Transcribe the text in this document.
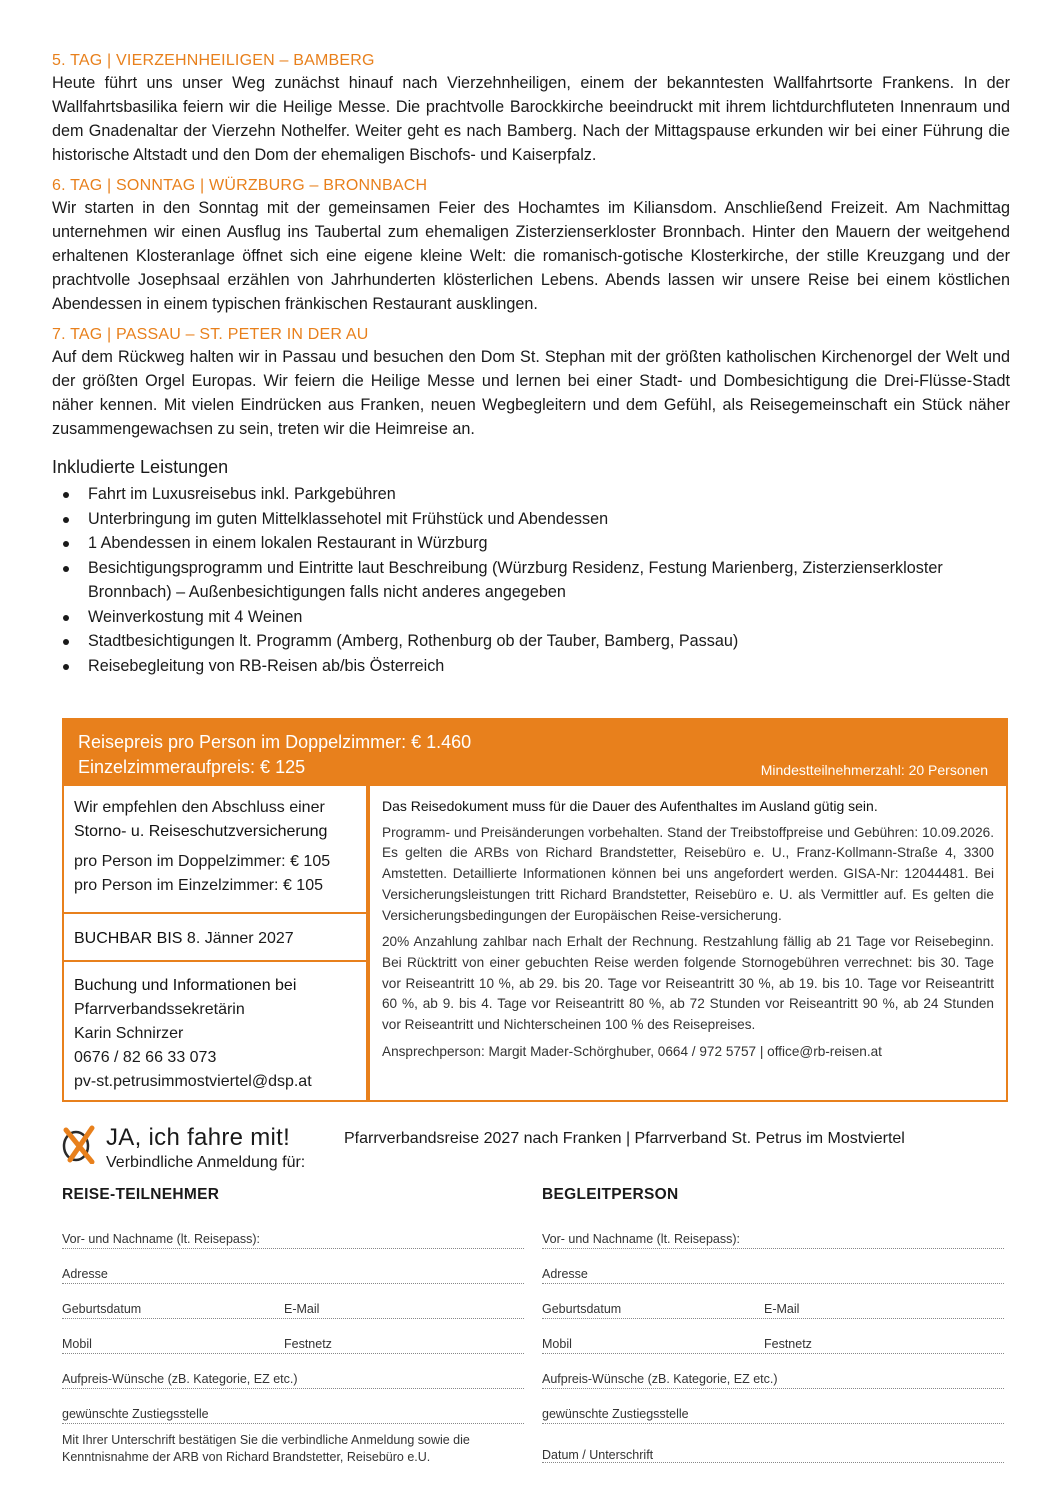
5. TAG | VIERZEHNHEILIGEN – BAMBERG

Heute führt uns unser Weg zunächst hinauf nach Vierzehnheiligen, einem der bekanntesten Wallfahrtsorte Frankens. In der Wallfahrtsbasilika feiern wir die Heilige Messe. Die prachtvolle Barockkirche beeindruckt mit ihrem lichtdurchfluteten Innenraum und dem Gnadenaltar der Vierzehn Nothelfer. Weiter geht es nach Bamberg. Nach der Mittagspause erkunden wir bei einer Führung die historische Altstadt und den Dom der ehemaligen Bischofs- und Kaiserpfalz.

6. TAG | SONNTAG | WÜRZBURG – BRONNBACH

Wir starten in den Sonntag mit der gemeinsamen Feier des Hochamtes im Kiliansdom. Anschließend Freizeit. Am Nachmittag unternehmen wir einen Ausflug ins Taubertal zum ehemaligen Zisterzienserkloster Bronnbach. Hinter den Mauern der weitgehend erhaltenen Klosteranlage öffnet sich eine eigene kleine Welt: die romanisch-gotische Klosterkirche, der stille Kreuzgang und der prachtvolle Josephsaal erzählen von Jahrhunderten klösterlichen Lebens. Abends lassen wir unsere Reise bei einem köstlichen Abendessen in einem typischen fränkischen Restaurant ausklingen.

7. TAG | PASSAU – ST. PETER IN DER AU

Auf dem Rückweg halten wir in Passau und besuchen den Dom St. Stephan mit der größten katholischen Kirchenorgel der Welt und der größten Orgel Europas. Wir feiern die Heilige Messe und lernen bei einer Stadt- und Dombesichtigung die Drei-Flüsse-Stadt näher kennen. Mit vielen Eindrücken aus Franken, neuen Wegbegleitern und dem Gefühl, als Reisegemeinschaft ein Stück näher zusammengewachsen zu sein, treten wir die Heimreise an.

Inkludierte Leistungen
Fahrt im Luxusreisebus inkl. Parkgebühren
Unterbringung im guten Mittelklassehotel mit Frühstück und Abendessen
1 Abendessen in einem lokalen Restaurant in Würzburg
Besichtigungsprogramm und Eintritte laut Beschreibung (Würzburg Residenz, Festung Marienberg, Zisterzienserkloster Bronnbach) – Außenbesichtigungen falls nicht anderes angegeben
Weinverkostung mit 4 Weinen
Stadtbesichtigungen lt. Programm (Amberg, Rothenburg ob der Tauber, Bamberg, Passau)
Reisebegleitung von RB-Reisen ab/bis Österreich
Reisepreis pro Person im Doppelzimmer: € 1.460
Einzelzimmeraufpreis: € 125	Mindestteilnehmerzahl: 20 Personen
Wir empfehlen den Abschluss einer
Storno- u. Reiseschutzversicherung
pro Person im Doppelzimmer: € 105
pro Person im Einzelzimmer: € 105
BUCHBAR BIS 8. Jänner 2027
Buchung und Informationen bei
Pfarrverbandssekretärin
Karin Schnirzer
0676 / 82 66 33 073
pv-st.petrusimmostviertel@dsp.at

Das Reisedokument muss für die Dauer des Aufenthaltes im Ausland gütig sein.

Programm- und Preisänderungen vorbehalten. Stand der Treibstoffpreise und Gebühren: 10.09.2026. Es gelten die ARBs von Richard Brandstetter, Reisebüro e. U., Franz-Kollmann-Straße 4, 3300 Amstetten. Detaillierte Informationen können bei uns angefordert werden. GISA-Nr: 12044481. Bei Versicherungsleistungen tritt Richard Brandstetter, Reisebüro e. U. als Vermittler auf. Es gelten die Versicherungsbedingungen der Europäischen Reise-versicherung.

20% Anzahlung zahlbar nach Erhalt der Rechnung. Restzahlung fällig ab 21 Tage vor Reisebeginn. Bei Rücktritt von einer gebuchten Reise werden folgende Stornogebühren verrechnet: bis 30. Tage vor Reiseantritt 10 %, ab 29. bis 20. Tage vor Reiseantritt 30 %, ab 19. bis 10. Tage vor Reiseantritt 60 %, ab 9. bis 4. Tage vor Reiseantritt 80 %, ab 72 Stunden vor Reiseantritt 90 %, ab 24 Stunden vor Reiseantritt und Nichterscheinen 100 % des Reisepreises.

Ansprechperson: Margit Mader-Schörghuber, 0664 / 972 5757 | office@rb-reisen.at

JA, ich fahre mit!
Verbindliche Anmeldung für:
Pfarrverbandsreise 2027 nach Franken | Pfarrverband St. Petrus im Mostviertel
REISE-TEILNEHMER
Vor- und Nachname (lt. Reisepass):
Adresse
Geburtsdatum	E-Mail
Mobil	Festnetz
Aufpreis-Wünsche (zB. Kategorie, EZ etc.)
gewünschte Zustiegsstelle
BEGLEITPERSON
Vor- und Nachname (lt. Reisepass):
Adresse
Geburtsdatum	E-Mail
Mobil	Festnetz
Aufpreis-Wünsche (zB. Kategorie, EZ etc.)
gewünschte Zustiegsstelle
Mit Ihrer Unterschrift bestätigen Sie die verbindliche Anmeldung sowie die Kenntnisnahme der ARB von Richard Brandstetter, Reisebüro e.U.	Datum / Unterschrift
